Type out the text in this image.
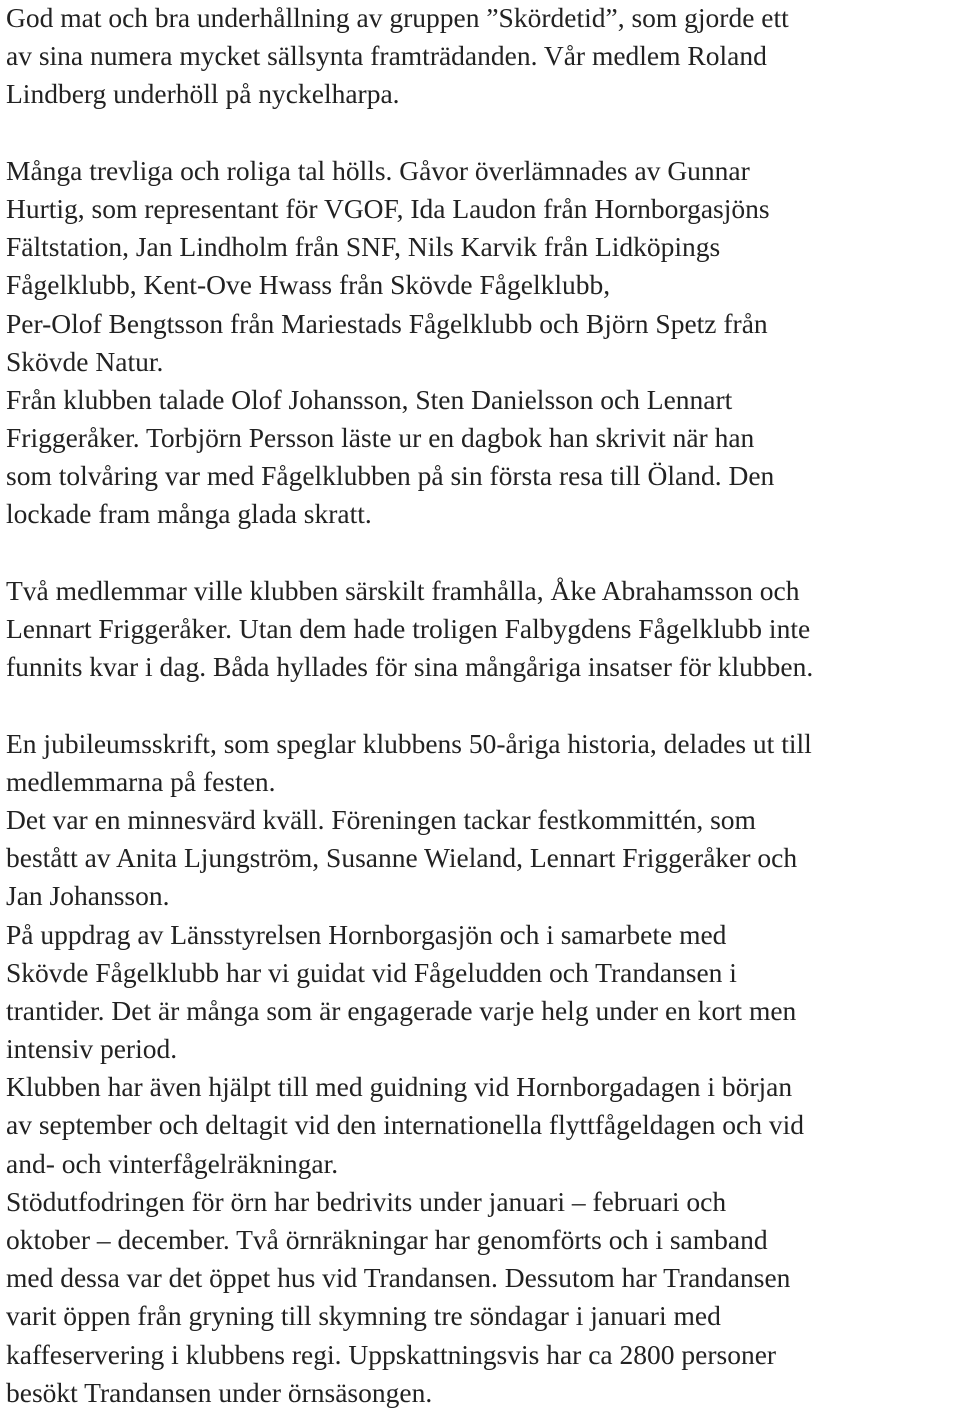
God mat och bra underhållning av gruppen ”Skördetid”, som gjorde ett
av sina numera mycket sällsynta framträdanden. Vår medlem Roland
Lindberg underhöll på nyckelharpa.
Många trevliga och roliga tal hölls. Gåvor överlämnades av Gunnar
Hurtig, som representant för VGOF, Ida Laudon från Hornborgasjöns
Fältstation, Jan Lindholm från SNF, Nils Karvik från Lidköpings
Fågelklubb, Kent-Ove Hwass från Skövde Fågelklubb,
Per-Olof Bengtsson från Mariestads Fågelklubb och Björn Spetz från
Skövde Natur.
Från klubben talade Olof Johansson, Sten Danielsson och Lennart
Friggeråker. Torbjörn Persson läste ur en dagbok han skrivit när han
som tolvåring var med Fågelklubben på sin första resa till Öland. Den
lockade fram många glada skratt.
Två medlemmar ville klubben särskilt framhålla, Åke Abrahamsson och
Lennart Friggeråker. Utan dem hade troligen Falbygdens Fågelklubb inte
funnits kvar i dag. Båda hyllades för sina mångåriga insatser för klubben.
En jubileumsskrift, som speglar klubbens 50-åriga historia, delades ut till
medlemmarna på festen.
Det var en minnesvärd kväll. Föreningen tackar festkommittén, som
bestått av Anita Ljungström, Susanne Wieland, Lennart Friggeråker och
Jan Johansson.
På uppdrag av Länsstyrelsen Hornborgasjön och i samarbete med
Skövde Fågelklubb har vi guidat vid Fågeludden och Trandansen i
trantider. Det är många som är engagerade varje helg under en kort men
intensiv period.
Klubben har även hjälpt till med guidning vid Hornborgadagen i början
av september och deltagit vid den internationella flyttfågeldagen och vid
and- och vinterfågelräkningar.
Stödutfodringen för örn har bedrivits under januari – februari och
oktober – december. Två örnräkningar har genomförts och i samband
med dessa var det öppet hus vid Trandansen. Dessutom har Trandansen
varit öppen från gryning till skymning tre söndagar i januari med
kaffeservering i klubbens regi. Uppskattningsvis har ca 2800 personer
besökt Trandansen under örnsäsongen.
